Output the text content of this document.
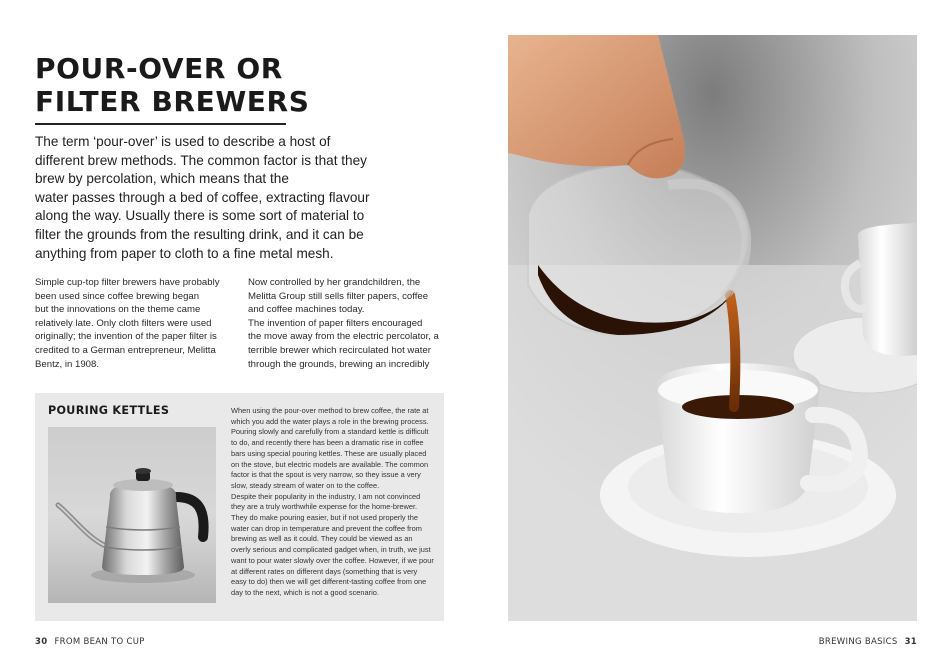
POUR-OVER OR
FILTER BREWERS

The term ‘pour-over’ is used to describe a host of
different brew methods. The common factor is that they
brew by percolation, which means that the
water passes through a bed of coffee, extracting flavour
along the way. Usually there is some sort of material to
filter the grounds from the resulting drink, and it can be
anything from paper to cloth to a fine metal mesh.

Simple cup-top filter brewers have probably
been used since coffee brewing began
but the innovations on the theme came
relatively late. Only cloth filters were used
originally; the invention of the paper filter is
credited to a German entrepreneur, Melitta
Bentz, in 1908.
Now controlled by her grandchildren, the
Melitta Group still sells filter papers, coffee
and coffee machines today.
The invention of paper filters encouraged
the move away from the electric percolator, a
terrible brewer which recirculated hot water
through the grounds, brewing an incredibly
POURING KETTLES	When using the pour-over method to brew coffee, the rate at
which you add the water plays a role in the brewing process.
Pouring slowly and carefully from a standard kettle is difficult
to do, and recently there has been a dramatic rise in coffee
bars using special pouring kettles. These are usually placed
on the stove, but electric models are available. The common
factor is that the spout is very narrow, so they issue a very
slow, steady stream of water on to the coffee.
Despite their popularity in the industry, I am not convinced
they are a truly worthwhile expense for the home-brewer.
They do make pouring easier, but if not used properly the
water can drop in temperature and prevent the coffee from
brewing as well as it could. They could be viewed as an
overly serious and complicated gadget when, in truth, we just
want to pour water slowly over the coffee. However, if we pour
at different rates on different days (something that is very
easy to do) then we will get different-tasting coffee from one
day to the next, which is not a good scenario.
30 FROM BEAN TO CUP	BREWING BASICS 31
